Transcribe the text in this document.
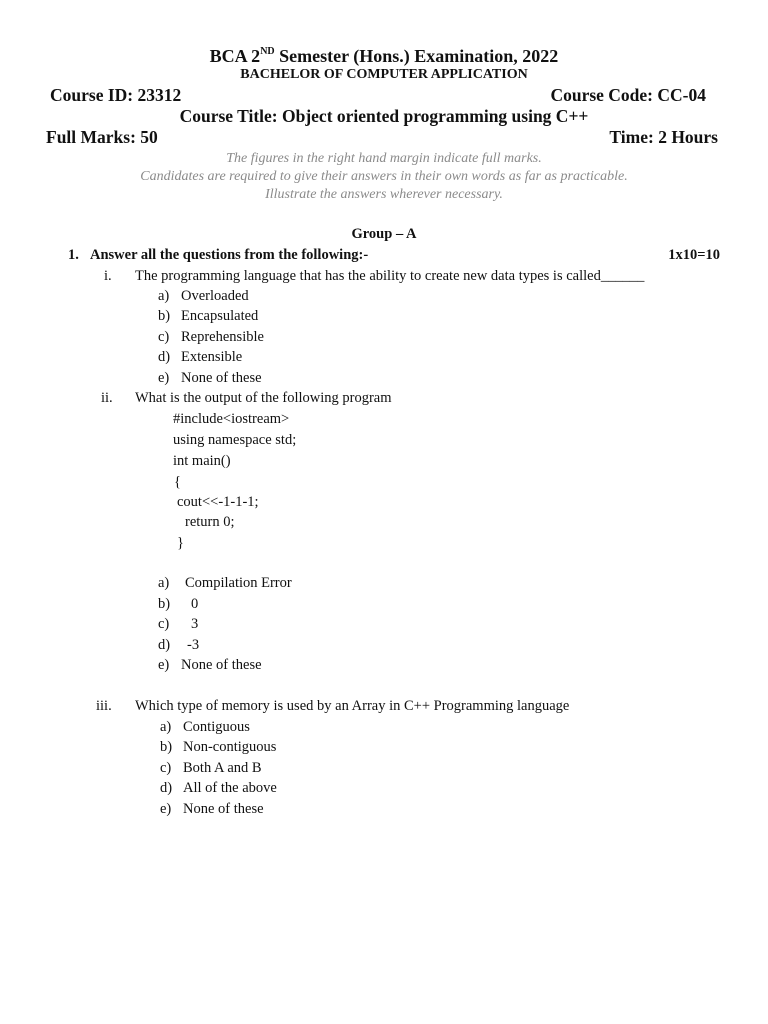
BCA 2ND Semester (Hons.) Examination, 2022
BACHELOR OF COMPUTER APPLICATION
Course ID: 23312	Course Code: CC-04
Course Title: Object oriented programming using C++
Full Marks: 50	Time: 2 Hours
The figures in the right hand margin indicate full marks.
Candidates are required to give their answers in their own words as far as practicable.
Illustrate the answers wherever necessary.
Group – A
1. Answer all the questions from the following:-	1x10=10
i. The programming language that has the ability to create new data types is called______
a) Overloaded
b) Encapsulated
c) Reprehensible
d) Extensible
e) None of these
ii. What is the output of the following program
#include<iostream>
using namespace std;
int main()
{
cout<<-1-1-1;
return 0;
}
a) Compilation Error
b) 0
c) 3
d) -3
e) None of these
iii. Which type of memory is used by an Array in C++ Programming language
a) Contiguous
b) Non-contiguous
c) Both A and B
d) All of the above
e) None of these
